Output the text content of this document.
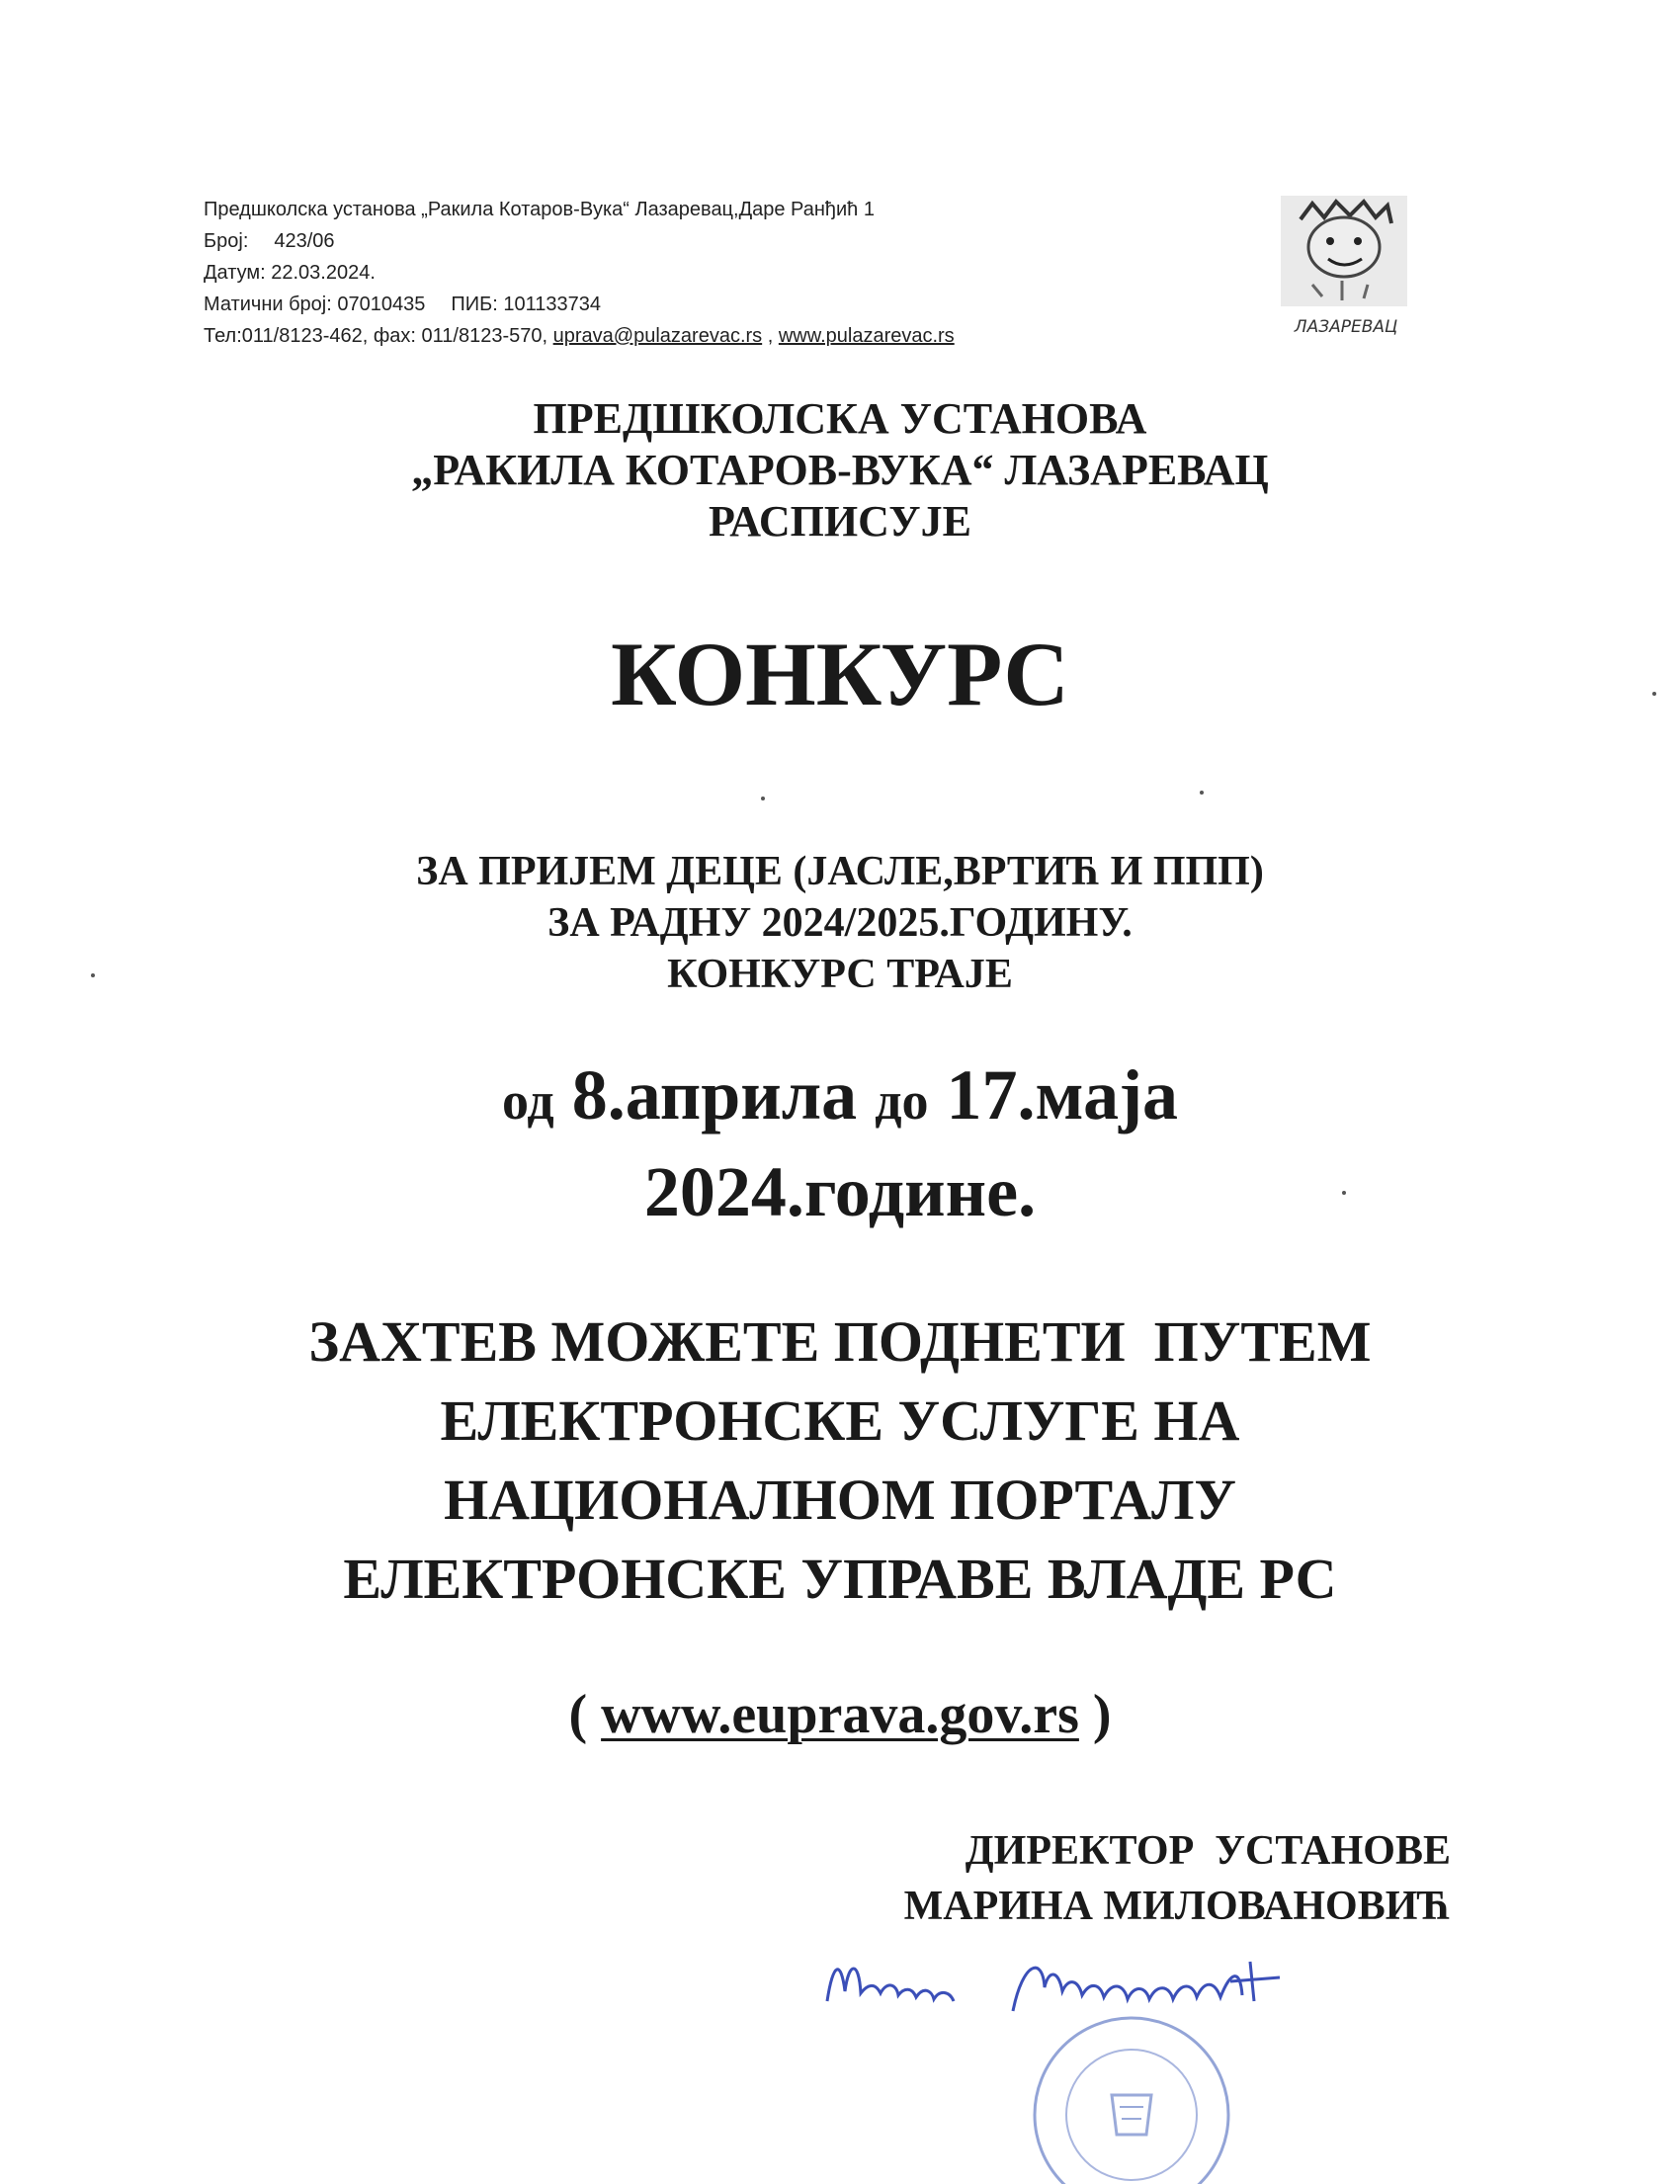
Предшколска установа „Ракила Котаров-Вука“ Лазаревац,Даре Ранђић 1
Број: 423/06
Датум: 22.03.2024.
Матични број: 07010435 ПИБ: 101133734
Тел:011/8123-462, фах: 011/8123-570, uprava@pulazarevac.rs , www.pulazarevac.rs	ЛАЗАРЕВАЦ
ПРЕДШКОЛСКА УСТАНОВА
„РАКИЛА КОТАРОВ-ВУКА“ ЛАЗАРЕВАЦ
РАСПИСУЈЕ
КОНКУРС
ЗА ПРИЈЕМ ДЕЦЕ (ЈАСЛЕ,ВРТИЋ И ППП)
ЗА РАДНУ 2024/2025.ГОДИНУ.
КОНКУРС ТРАЈЕ
од 8.априла до 17.маја
2024.године.
ЗАХТЕВ МОЖЕТЕ ПОДНЕТИ  ПУТЕМ
ЕЛЕКТРОНСКЕ УСЛУГЕ НА
НАЦИОНАЛНОМ ПОРТАЛУ
ЕЛЕКТРОНСКЕ УПРАВЕ ВЛАДЕ РС
( www.euprava.gov.rs )
ДИРЕКТОР  УСТАНОВЕ
МАРИНА МИЛОВАНОВИЋ
